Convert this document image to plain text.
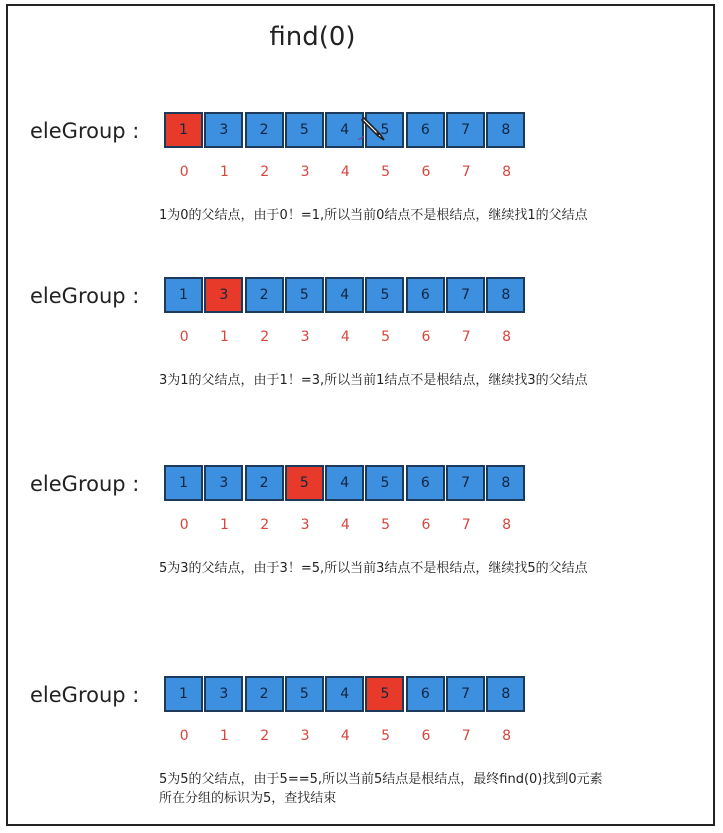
find(0)
eleGroup :	1	3	2	5	4	5	6	7	8
0	1	2	3	4	5	6	7	8
1为0的父结点，由于0！=1,所以当前0结点不是根结点，继续找1的父结点
eleGroup :	1	3	2	5	4	5	6	7	8
0	1	2	3	4	5	6	7	8
3为1的父结点，由于1！=3,所以当前1结点不是根结点，继续找3的父结点
eleGroup :	1	3	2	5	4	5	6	7	8
0	1	2	3	4	5	6	7	8
5为3的父结点，由于3！=5,所以当前3结点不是根结点，继续找5的父结点
eleGroup :	1	3	2	5	4	5	6	7	8
0	1	2	3	4	5	6	7	8
5为5的父结点，由于5==5,所以当前5结点是根结点，最终find(0)找到0元素
所在分组的标识为5，查找结束
